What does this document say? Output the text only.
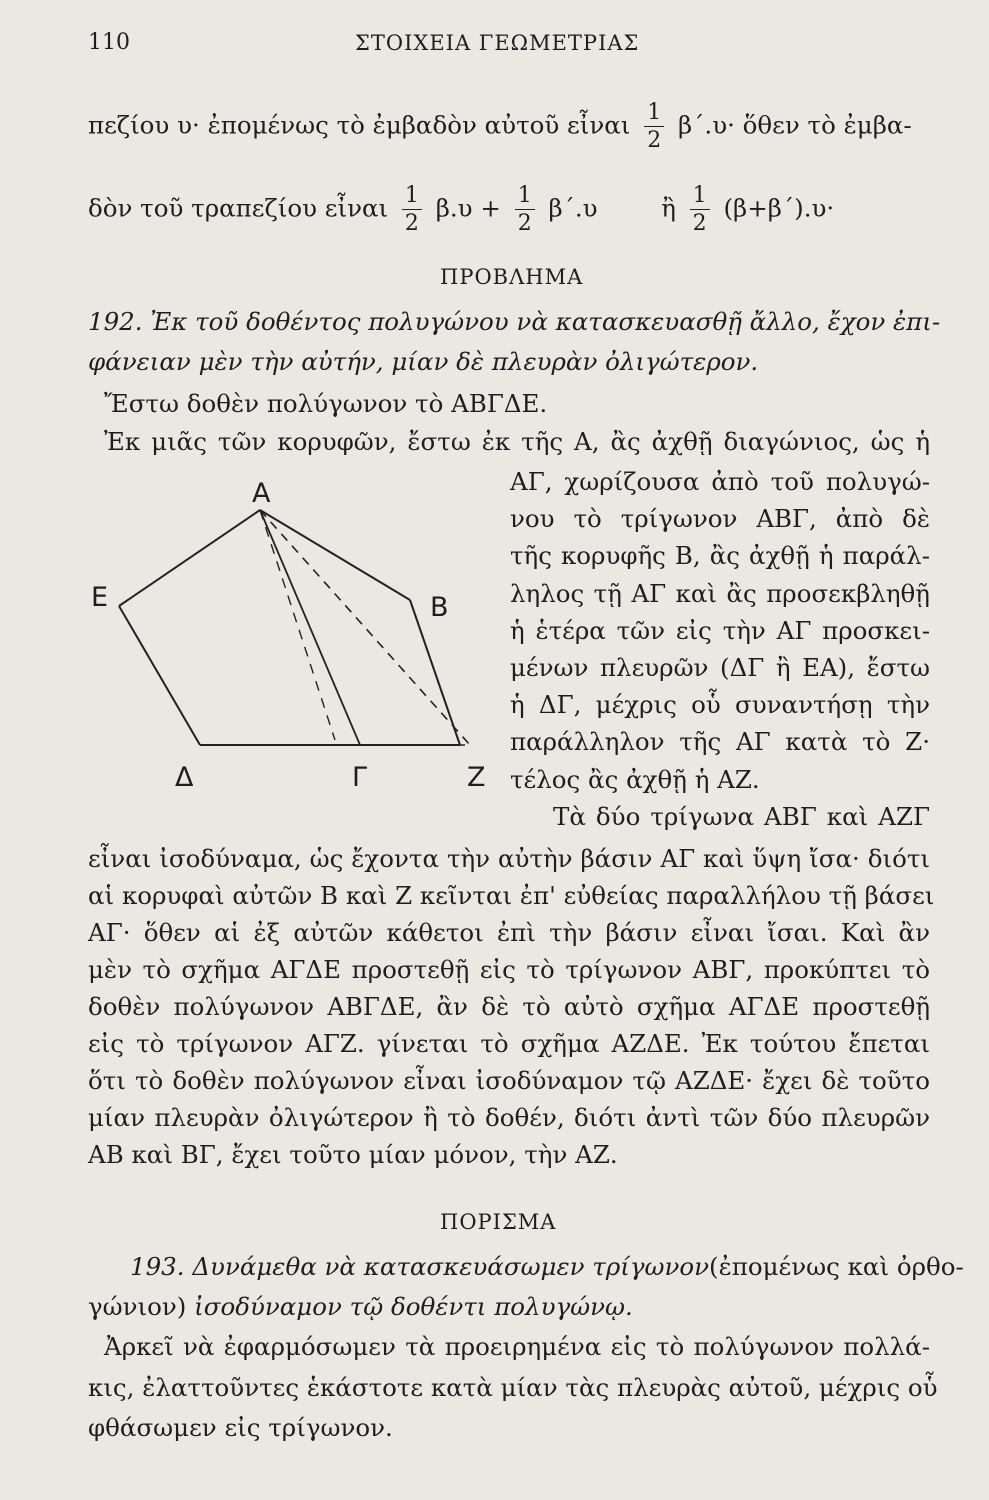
110	ΣΤΟΙΧΕΙΑ ΓΕΩΜΕΤΡΙΑΣ
πεζίου υ· ἐπομένως τὸ ἐμβαδὸν αὐτοῦ εἶναι $\frac{1}{2} \beta΄.\upsilon\cdot$ ὅθεν τὸ ἐμβα-
δὸν τοῦ τραπεζίου εἶναι $\frac{1}{2} \beta.\upsilon + \frac{1}{2} \beta΄.\upsilon$	ἢ $\frac{1}{2} (\beta+\beta΄).\upsilon\cdot$
ΠΡΟΒΛΗΜΑ
192. Ἐκ τοῦ δοθέντος πολυγώνου νὰ κατασκευασθῇ ἄλλο, ἔχον ἐπι-
φάνειαν μὲν τὴν αὐτήν, μίαν δὲ πλευρὰν ὀλιγώτερον.
Ἔστω δοθὲν πολύγωνον τὸ ΑΒΓΔΕ.
Ἐκ μιᾶς τῶν κορυφῶν, ἔστω ἐκ τῆς Α, ἂς ἀχθῇ διαγώνιος, ὡς ἡ
ΑΓ, χωρίζουσα ἀπὸ τοῦ πολυγώ-
νου τὸ τρίγωνον ΑΒΓ, ἀπὸ δὲ
τῆς κορυφῆς Β, ἂς ἀχθῇ ἡ παράλ-
ληλος τῇ ΑΓ καὶ ἂς προσεκβληθῇ
ἡ ἑτέρα τῶν εἰς τὴν ΑΓ προσκει-
μένων πλευρῶν (ΔΓ ἢ ΕΑ), ἔστω
ἡ ΔΓ, μέχρις οὗ συναντήσῃ τὴν
παράλληλον τῆς ΑΓ κατὰ τὸ Ζ·
τέλος ἂς ἀχθῇ ἡ ΑΖ.
Τὰ δύο τρίγωνα ΑΒΓ καὶ ΑΖΓ
Α
Β
Γ
Δ
Ε
Ζ
εἶναι ἰσοδύναμα, ὡς ἔχοντα τὴν αὐτὴν βάσιν ΑΓ καὶ ὕψη ἴσα· διότι
αἱ κορυφαὶ αὐτῶν Β καὶ Ζ κεῖνται ἐπ' εὐθείας παραλλήλου τῇ βάσει
ΑΓ· ὅθεν αἱ ἐξ αὐτῶν κάθετοι ἐπὶ τὴν βάσιν εἶναι ἴσαι. Καὶ ἂν
μὲν τὸ σχῆμα ΑΓΔΕ προστεθῇ εἰς τὸ τρίγωνον ΑΒΓ, προκύπτει τὸ
δοθὲν πολύγωνον ΑΒΓΔΕ, ἂν δὲ τὸ αὐτὸ σχῆμα ΑΓΔΕ προστεθῇ
εἰς τὸ τρίγωνον ΑΓΖ. γίνεται τὸ σχῆμα ΑΖΔΕ. Ἐκ τούτου ἔπεται
ὅτι τὸ δοθὲν πολύγωνον εἶναι ἰσοδύναμον τῷ ΑΖΔΕ· ἔχει δὲ τοῦτο
μίαν πλευρὰν ὀλιγώτερον ἢ τὸ δοθέν, διότι ἀντὶ τῶν δύο πλευρῶν
ΑΒ καὶ ΒΓ, ἔχει τοῦτο μίαν μόνον, τὴν ΑΖ.
ΠΟΡΙΣΜΑ
193. Δυνάμεθα νὰ κατασκευάσωμεν τρίγωνον (ἐπομένως καὶ ὀρθο-
γώνιον) ἰσοδύναμον τῷ δοθέντι πολυγώνῳ.
Ἀρκεῖ νὰ ἐφαρμόσωμεν τὰ προειρημένα εἰς τὸ πολύγωνον πολλά-
κις, ἐλαττοῦντες ἑκάστοτε κατὰ μίαν τὰς πλευρὰς αὐτοῦ, μέχρις οὗ
φθάσωμεν εἰς τρίγωνον.
